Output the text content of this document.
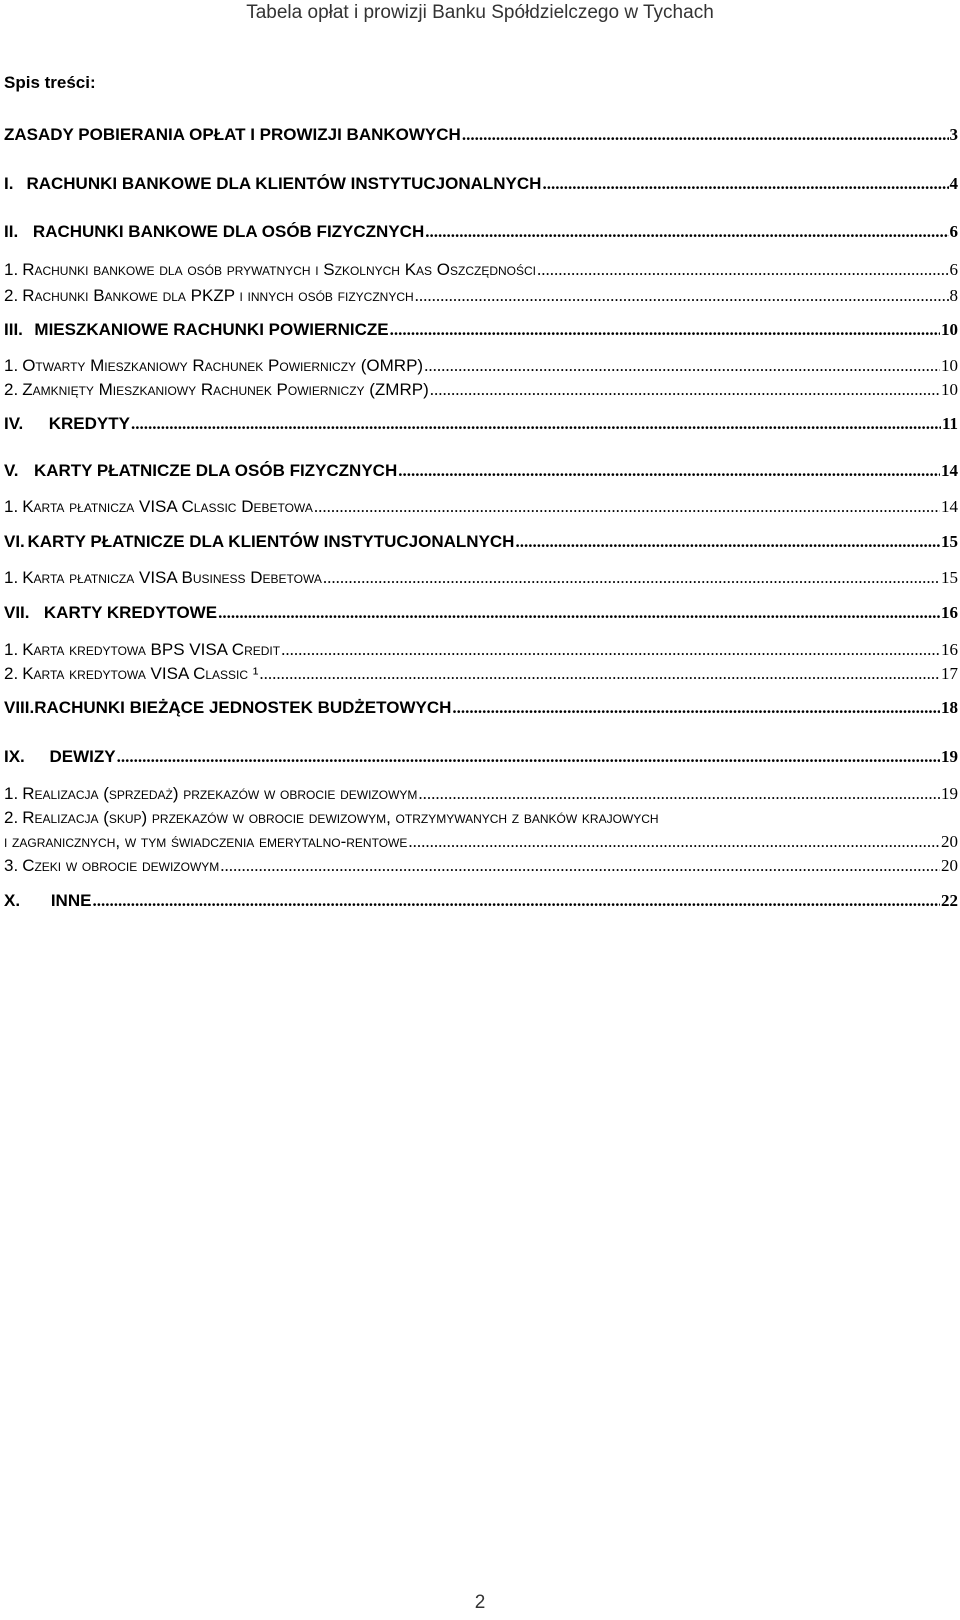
Tabela opłat i prowizji Banku Spółdzielczego w Tychach
Spis treści:
ZASADY POBIERANIA OPŁAT I PROWIZJI BANKOWYCH .....	3
I. RACHUNKI BANKOWE DLA KLIENTÓW INSTYTUCJONALNYCH .....	4
II. RACHUNKI BANKOWE DLA OSÓB FIZYCZNYCH .....	6
1. Rachunki bankowe dla osób prywatnych i Szkolnych Kas Oszczędności .....	6
2. Rachunki Bankowe dla PKZP i innych osób fizycznych .....	8
III. MIESZKANIOWE RACHUNKI POWIERNICZE .....	10
1. Otwarty Mieszkaniowy Rachunek Powierniczy (OMRP) .....	10
2. Zamknięty Mieszkaniowy Rachunek Powierniczy (ZMRP) .....	10
IV.	KREDYTY .....	11
V. KARTY PŁATNICZE DLA OSÓB FIZYCZNYCH .....	14
1. Karta płatnicza VISA Classic Debetowa .....	14
VI. KARTY PŁATNICZE DLA KLIENTÓW INSTYTUCJONALNYCH .....	15
1. Karta płatnicza VISA Business Debetowa .....	15
VII. KARTY KREDYTOWE .....	16
1. Karta kredytowa BPS VISA Credit .....	16
2. Karta kredytowa VISA Classic ¹ .....	17
VIII. RACHUNKI BIEŻĄCE JEDNOSTEK BUDŻETOWYCH .....	18
IX.	DEWIZY .....	19
1. Realizacja (sprzedaż) przekazów w obrocie dewizowym .....	19
2. Realizacja (skup) przekazów w obrocie dewizowym, otrzymywanych z banków krajowych
i zagranicznych, w tym świadczenia emerytalno-rentowe .....	20
3. Czeki w obrocie dewizowym .....	20
X.	INNE .....	22
2
